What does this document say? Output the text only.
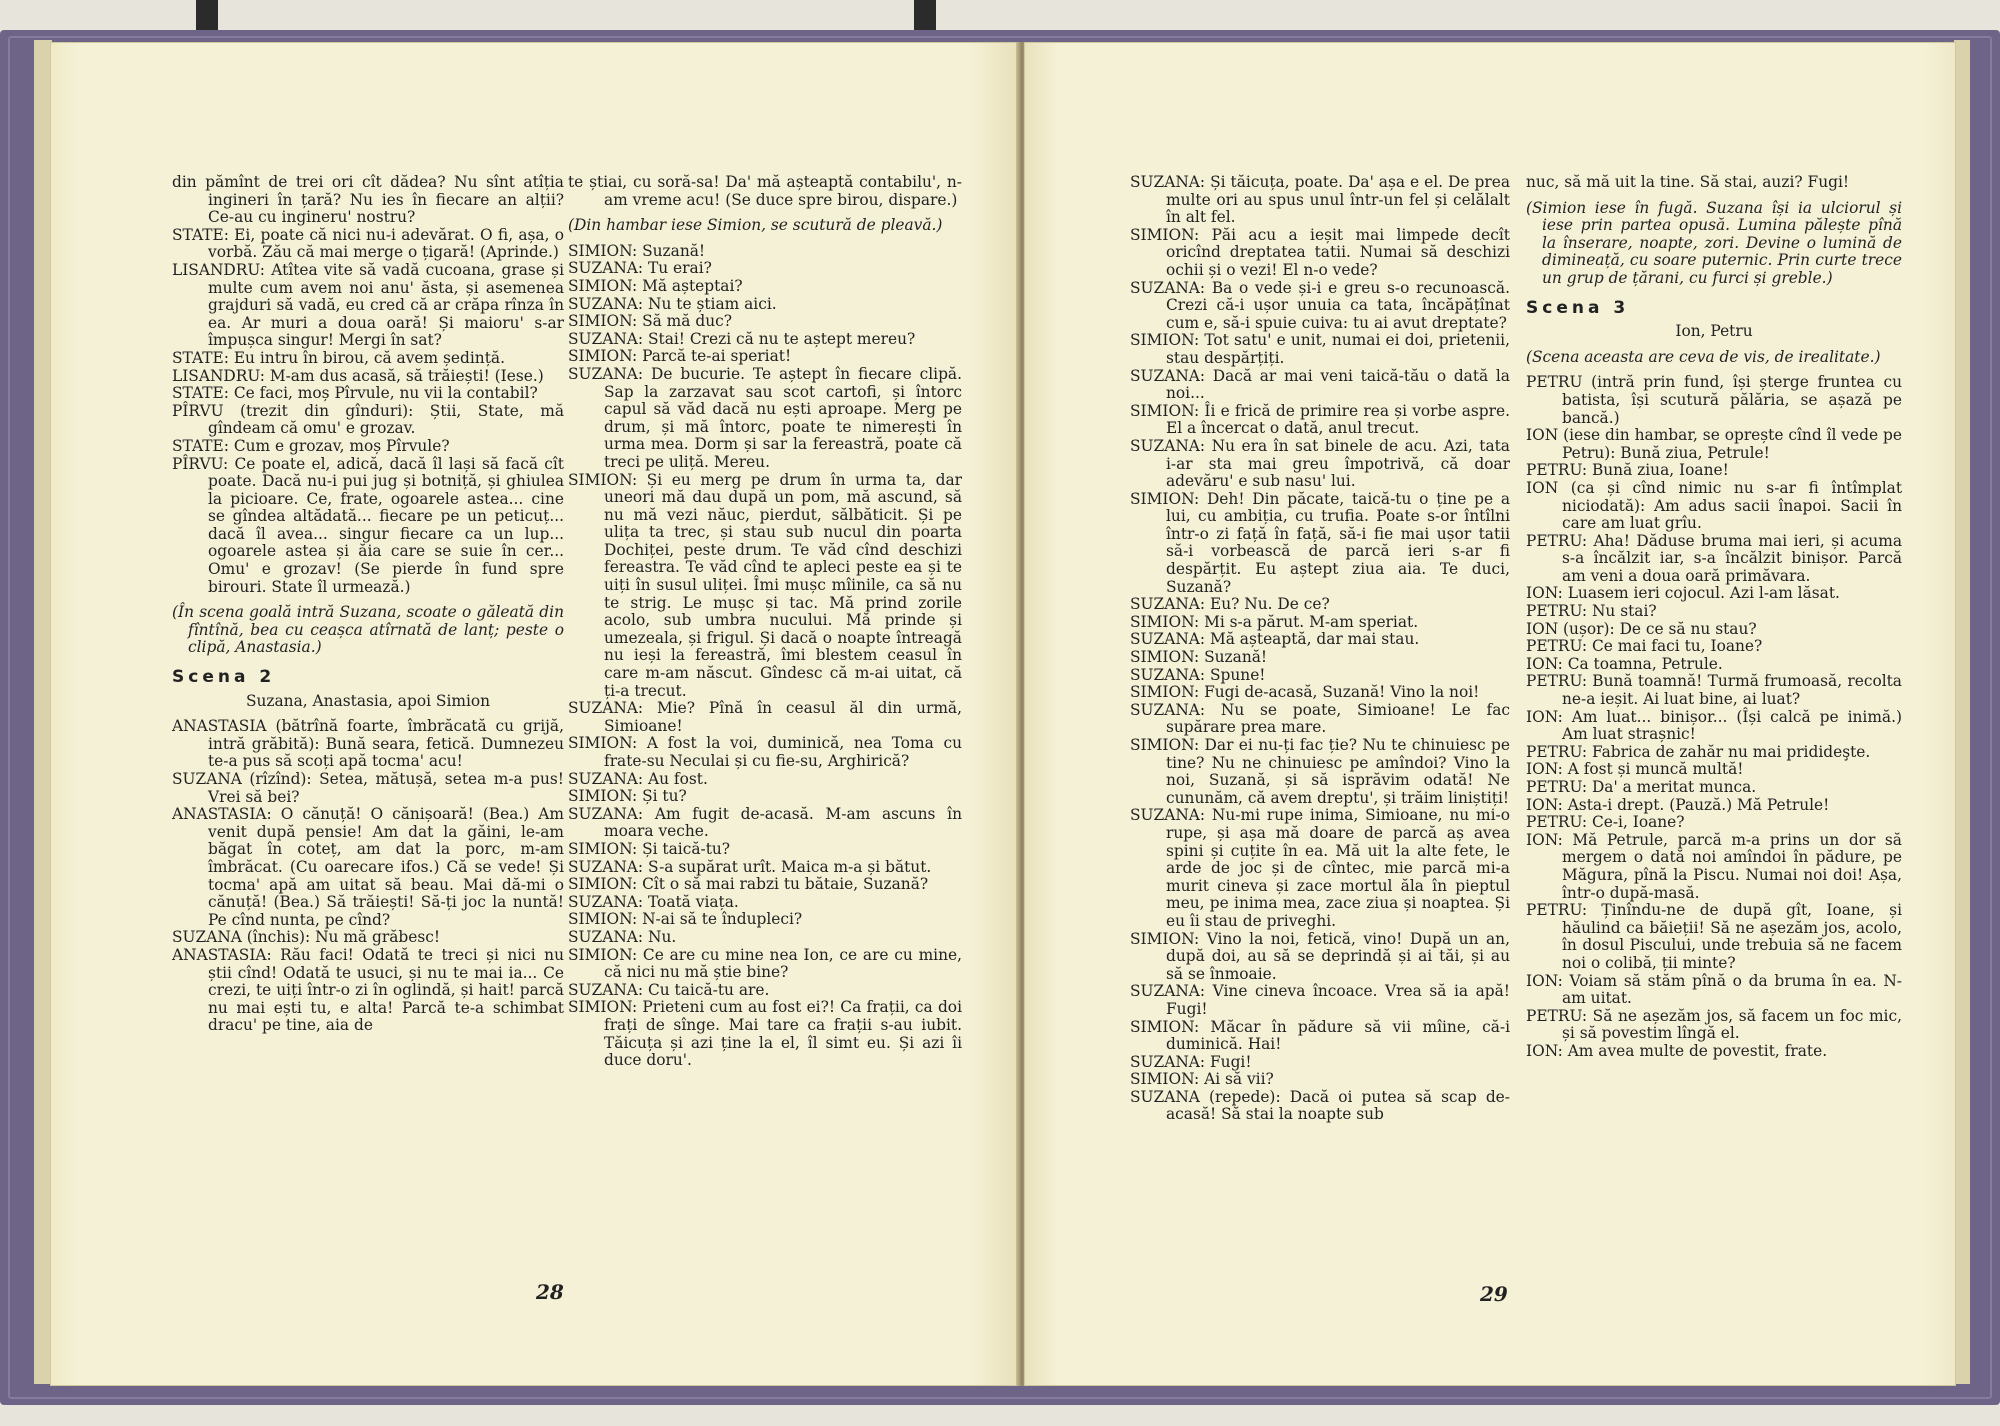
din pămînt de trei ori cît dădea? Nu sînt atîția ingineri în țară? Nu ies în fiecare an alții? Ce-au cu ingineru' nostru?

STATE: Ei, poate că nici nu-i adevărat. O fi, așa, o vorbă. Zău că mai merge o țigară! (Aprinde.)

LISANDRU: Atîtea vite să vadă cucoana, grase și multe cum avem noi anu' ăsta, și asemenea grajduri să vadă, eu cred că ar crăpa rînza în ea. Ar muri a doua oară! Și maioru' s-ar împușca singur! Mergi în sat?

STATE: Eu intru în birou, că avem ședință.

LISANDRU: M-am dus acasă, să trăiești! (Iese.)

STATE: Ce faci, moș Pîrvule, nu vii la contabil?

PÎRVU (trezit din gînduri): Știi, State, mă gîndeam că omu' e grozav.

STATE: Cum e grozav, moș Pîrvule?

PÎRVU: Ce poate el, adică, dacă îl lași să facă cît poate. Dacă nu-i pui jug și botniță, și ghiulea la picioare. Ce, frate, ogoarele astea... cine se gîndea altădată... fiecare pe un peticuț... dacă îl avea... singur fiecare ca un lup... ogoarele astea și ăia care se suie în cer... Omu' e grozav! (Se pierde în fund spre birouri. State îl urmează.)

(În scena goală intră Suzana, scoate o găleată din fîntînă, bea cu ceașca atîrnată de lanț; peste o clipă, Anastasia.)

Scena 2

Suzana, Anastasia, apoi Simion

ANASTASIA (bătrînă foarte, îmbrăcată cu grijă, intră grăbită): Bună seara, fetică. Dumnezeu te-a pus să scoți apă tocma' acu!

SUZANA (rîzînd): Setea, mătușă, setea m-a pus! Vrei să bei?

ANASTASIA: O cănuță! O cănișoară! (Bea.) Am venit după pensie! Am dat la găini, le-am băgat în coteț, am dat la porc, m-am îmbrăcat. (Cu oarecare ifos.) Că se vede! Și tocma' apă am uitat să beau. Mai dă-mi o cănuță! (Bea.) Să trăiești! Să-ți joc la nuntă! Pe cînd nunta, pe cînd?

SUZANA (închis): Nu mă grăbesc!

ANASTASIA: Rău faci! Odată te treci și nici nu știi cînd! Odată te usuci, și nu te mai ia... Ce crezi, te uiți într-o zi în oglindă, și hait! parcă nu mai ești tu, e alta! Parcă te-a schimbat dracu' pe tine, aia de

te știai, cu soră-sa! Da' mă așteaptă contabilu', n-am vreme acu! (Se duce spre birou, dispare.)

(Din hambar iese Simion, se scutură de pleavă.)

SIMION: Suzană!

SUZANA: Tu erai?

SIMION: Mă așteptai?

SUZANA: Nu te știam aici.

SIMION: Să mă duc?

SUZANA: Stai! Crezi că nu te aștept mereu?

SIMION: Parcă te-ai speriat!

SUZANA: De bucurie. Te aștept în fiecare clipă. Sap la zarzavat sau scot cartofi, și întorc capul să văd dacă nu ești aproape. Merg pe drum, și mă întorc, poate te nimerești în urma mea. Dorm și sar la fereastră, poate că treci pe uliță. Mereu.

SIMION: Și eu merg pe drum în urma ta, dar uneori mă dau după un pom, mă ascund, să nu mă vezi năuc, pierdut, sălbăticit. Și pe ulița ta trec, și stau sub nucul din poarta Dochiței, peste drum. Te văd cînd deschizi fereastra. Te văd cînd te apleci peste ea și te uiți în susul uliței. Îmi mușc mîinile, ca să nu te strig. Le mușc și tac. Mă prind zorile acolo, sub umbra nucului. Mă prinde și umezeala, și frigul. Și dacă o noapte întreagă nu ieși la fereastră, îmi blestem ceasul în care m-am născut. Gîndesc că m-ai uitat, că ți-a trecut.

SUZANA: Mie? Pînă în ceasul ăl din urmă, Simioane!

SIMION: A fost la voi, duminică, nea Toma cu frate-su Neculai și cu fie-su, Arghirică?

SUZANA: Au fost.

SIMION: Și tu?

SUZANA: Am fugit de-acasă. M-am ascuns în moara veche.

SIMION: Și taică-tu?

SUZANA: S-a supărat urît. Maica m-a și bătut.

SIMION: Cît o să mai rabzi tu bătaie, Suzană?

SUZANA: Toată viața.

SIMION: N-ai să te înduplecі?

SUZANA: Nu.

SIMION: Ce are cu mine nea Ion, ce are cu mine, că nici nu mă știe bine?

SUZANA: Cu taică-tu are.

SIMION: Prieteni cum au fost ei?! Ca frații, ca doi frați de sînge. Mai tare ca frații s-au iubit. Tăicuța și azi ține la el, îl simt eu. Și azi îi duce doru'.

28

SUZANA: Și tăicuța, poate. Da' așa e el. De prea multe ori au spus unul într-un fel și celălalt în alt fel.

SIMION: Păi acu a ieșit mai limpede decît oricînd dreptatea tatii. Numai să deschizi ochii și o vezi! El n-o vede?

SUZANA: Ba o vede și-i e greu s-o recunoască. Crezi că-i ușor unuia ca tata, încăpățînat cum e, să-i spuie cuiva: tu ai avut dreptate?

SIMION: Tot satu' e unit, numai ei doi, prietenii, stau despărțiți.

SUZANA: Dacă ar mai veni taică-tău o dată la noi...

SIMION: Îi e frică de primire rea și vorbe aspre. El a încercat o dată, anul trecut.

SUZANA: Nu era în sat binele de acu. Azi, tata i-ar sta mai greu împotrivă, că doar adevăru' e sub nasu' lui.

SIMION: Deh! Din păcate, taică-tu o ține pe a lui, cu ambiția, cu trufia. Poate s-or întîlni într-o zi față în față, să-i fie mai ușor tatii să-i vorbească de parcă ieri s-ar fi despărțit. Eu aștept ziua aia. Te duci, Suzană?

SUZANA: Eu? Nu. De ce?

SIMION: Mi s-a părut. M-am speriat.

SUZANA: Mă așteaptă, dar mai stau.

SIMION: Suzană!

SUZANA: Spune!

SIMION: Fugi de-acasă, Suzană! Vino la noi!

SUZANA: Nu se poate, Simioane! Le fac supărare prea mare.

SIMION: Dar ei nu-ți fac ție? Nu te chinuiesc pe tine? Nu ne chinuiesc pe amîndoi? Vino la noi, Suzană, și să isprăvim odată! Ne cununăm, că avem dreptu', și trăim liniștiți!

SUZANA: Nu-mi rupe inima, Simioane, nu mi-o rupe, și așa mă doare de parcă aș avea spini și cuțite în ea. Mă uit la alte fete, le arde de joc și de cîntec, mie parcă mi-a murit cineva și zace mortul ăla în pieptul meu, pe inima mea, zace ziua și noaptea. Și eu îi stau de priveghi.

SIMION: Vino la noi, fetică, vino! După un an, după doi, au să se deprindă și ai tăi, și au să se înmoaie.

SUZANA: Vine cineva încoace. Vrea să ia apă! Fugi!

SIMION: Măcar în pădure să vii mîine, că-i duminică. Hai!

SUZANA: Fugi!

SIMION: Ai să vii?

SUZANA (repede): Dacă oi putea să scap de-acasă! Să stai la noapte sub

nuc, să mă uit la tine. Să stai, auzi? Fugi!

(Simion iese în fugă. Suzana își ia ulciorul și iese prin partea opusă. Lumina pălește pînă la înserare, noapte, zori. Devine o lumină de dimineață, cu soare puternic. Prin curte trece un grup de țărani, cu furci și greble.)

Scena 3

Ion, Petru

(Scena aceasta are ceva de vis, de irealitate.)

PETRU (intră prin fund, își șterge fruntea cu batista, își scutură pălăria, se așază pe bancă.)

ION (iese din hambar, se oprește cînd îl vede pe Petru): Bună ziua, Petrule!

PETRU: Bună ziua, Ioane!

ION (ca și cînd nimic nu s-ar fi întîmplat niciodată): Am adus sacii înapoi. Sacii în care am luat grîu.

PETRU: Aha! Dăduse bruma mai ieri, și acuma s-a încălzit iar, s-a încălzit binișor. Parcă am veni a doua oară primăvara.

ION: Luasem ieri cojocul. Azi l-am lăsat.

PETRU: Nu stai?

ION (ușor): De ce să nu stau?

PETRU: Ce mai faci tu, Ioane?

ION: Ca toamna, Petrule.

PETRU: Bună toamnă! Turmă frumoasă, recolta ne-a ieșit. Ai luat bine, ai luat?

ION: Am luat... binișor... (Își calcă pe inimă.) Am luat strașnic!

PETRU: Fabrica de zahăr nu mai pridideşte.

ION: A fost și muncă multă!

PETRU: Da' a meritat munca.

ION: Asta-i drept. (Pauză.) Mă Petrule!

PETRU: Ce-i, Ioane?

ION: Mă Petrule, parcă m-a prins un dor să mergem o dată noi amîndoi în pădure, pe Măgura, pînă la Piscu. Numai noi doi! Așa, într-o după-masă.

PETRU: Ținîndu-ne de după gît, Ioane, și hăulind ca băieții! Să ne așezăm jos, acolo, în dosul Piscului, unde trebuia să ne facem noi o colibă, ții minte?

ION: Voiam să stăm pînă o da bruma în ea. N-am uitat.

PETRU: Să ne așezăm jos, să facem un foc mic, și să povestim lîngă el.

ION: Am avea multe de povestit, frate.

29
